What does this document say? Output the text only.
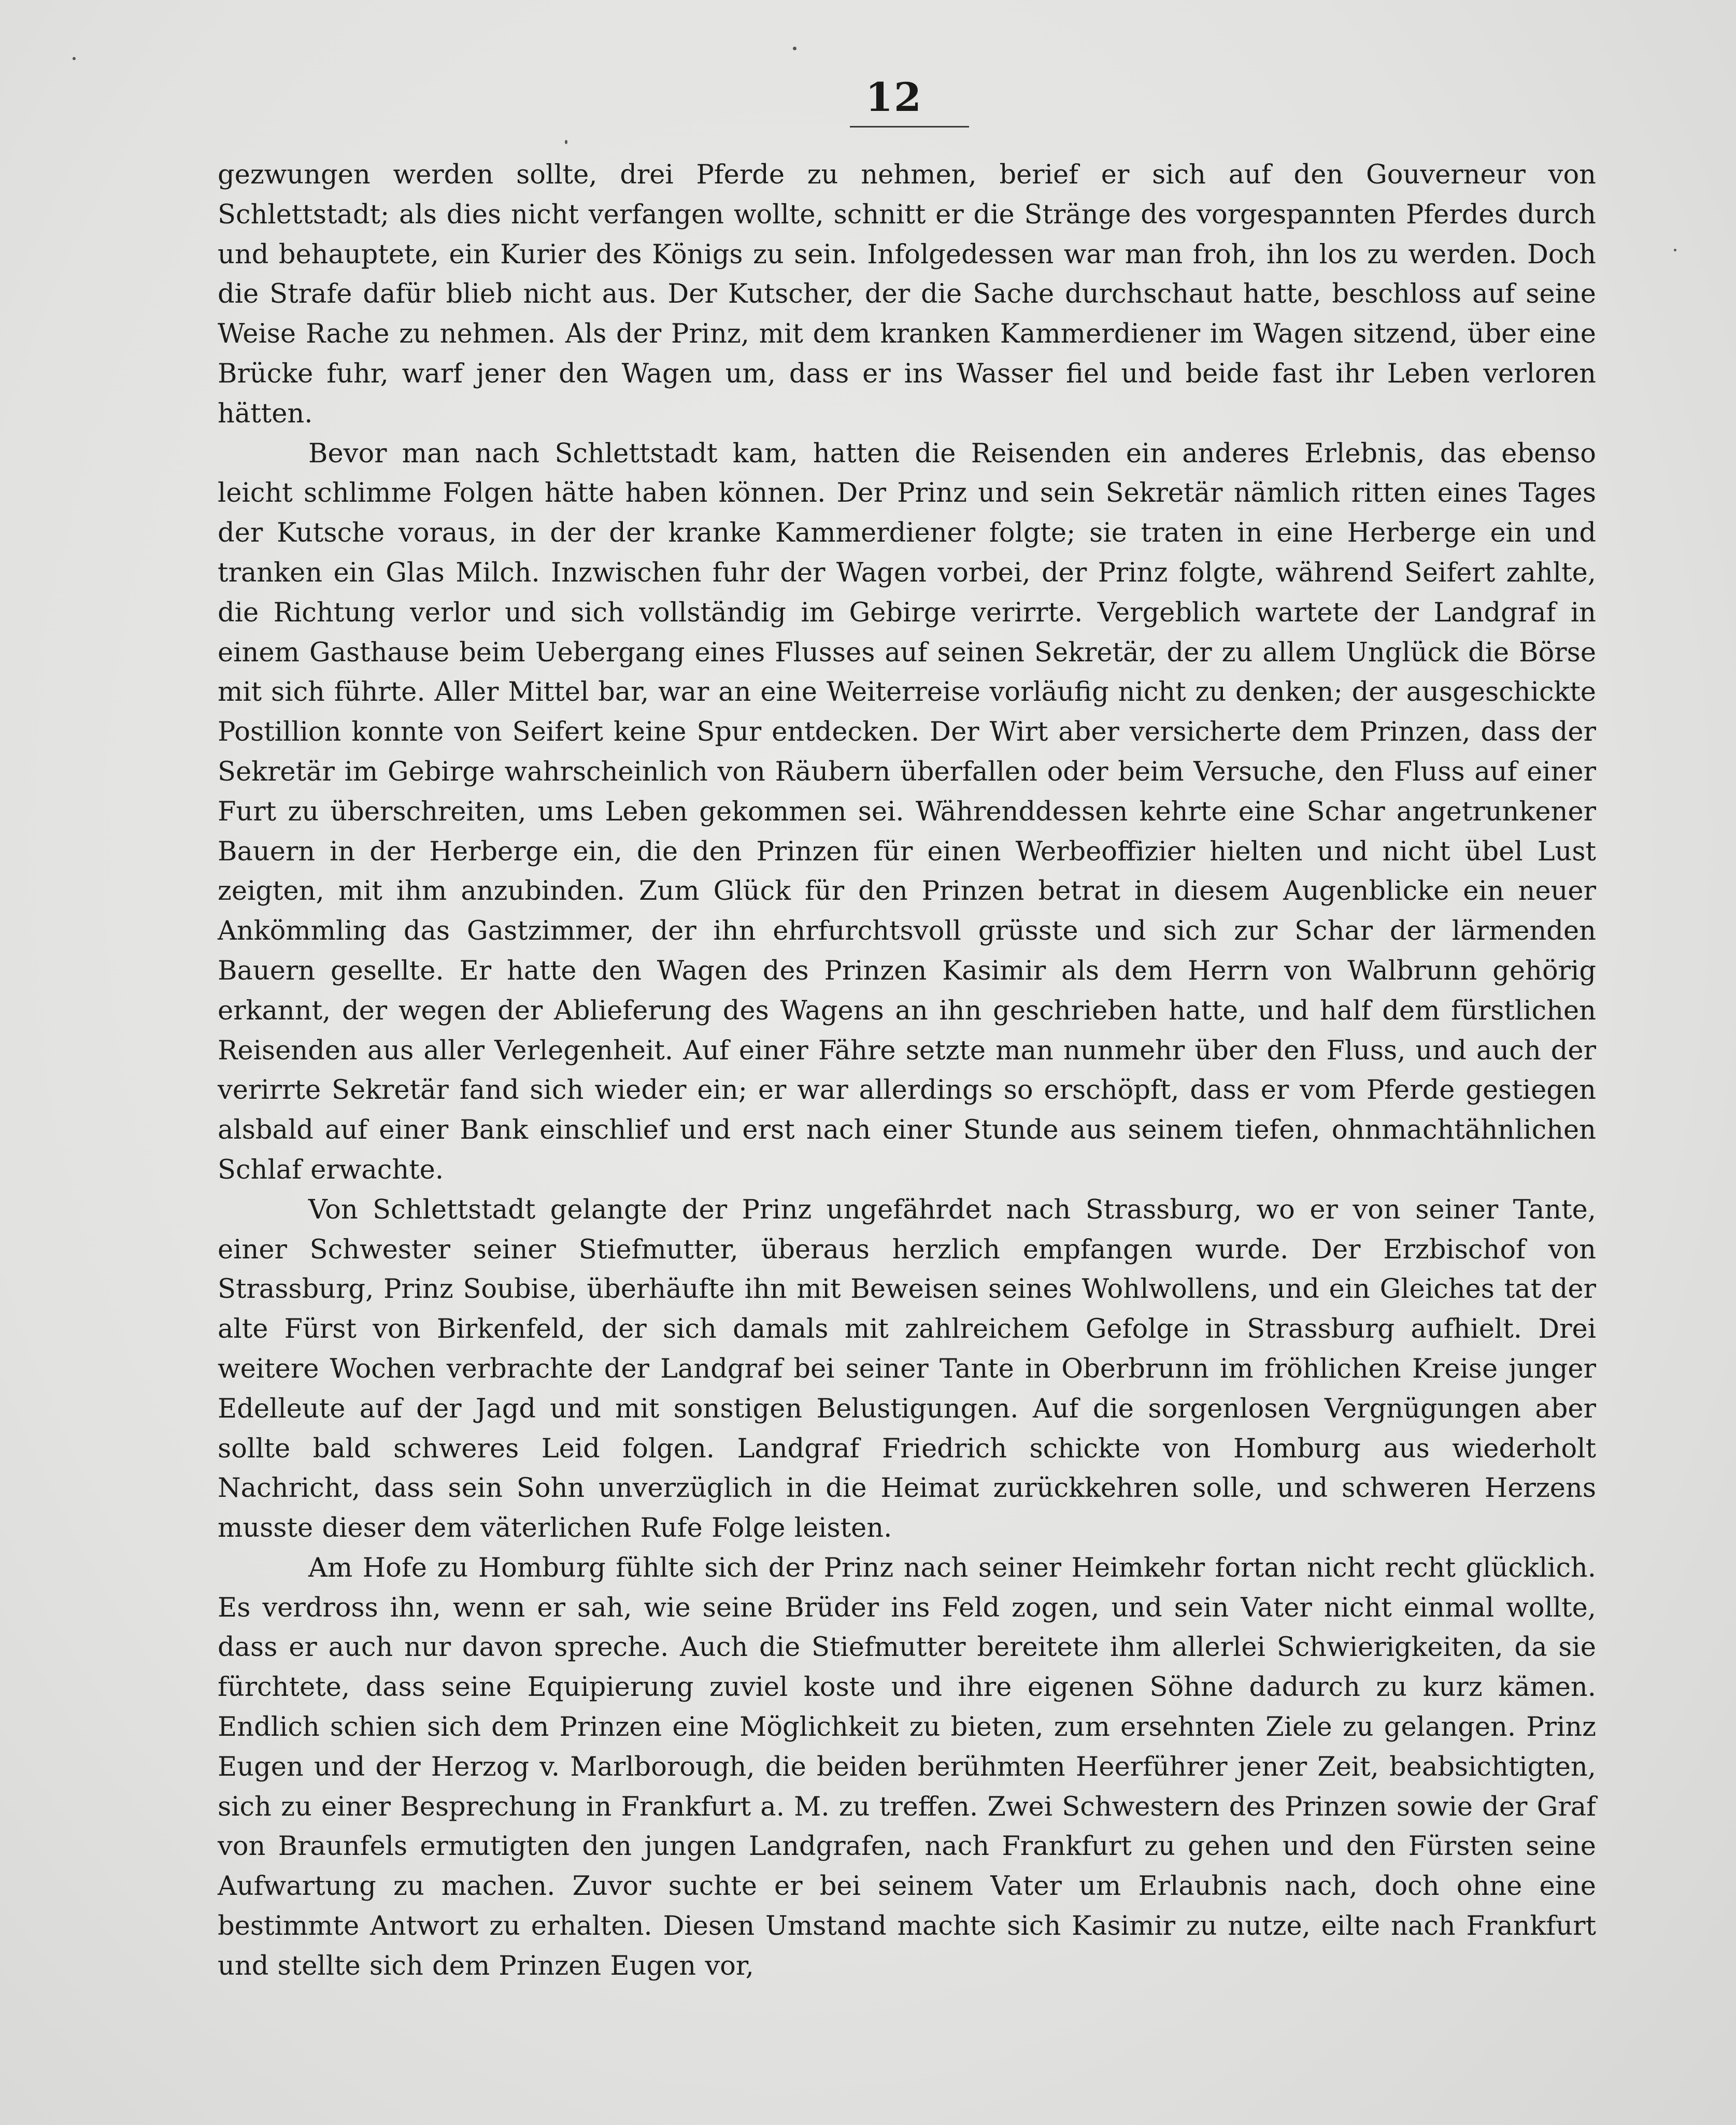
12

gezwungen werden sollte, drei Pferde zu nehmen, berief er sich auf den Gouverneur von Schlettstadt; als dies nicht verfangen wollte, schnitt er die Stränge des vorgespannten Pferdes durch und behauptete, ein Kurier des Königs zu sein. Infolgedessen war man froh, ihn los zu werden. Doch die Strafe dafür blieb nicht aus. Der Kutscher, der die Sache durchschaut hatte, beschloss auf seine Weise Rache zu nehmen. Als der Prinz, mit dem kranken Kammerdiener im Wagen sitzend, über eine Brücke fuhr, warf jener den Wagen um, dass er ins Wasser fiel und beide fast ihr Leben verloren hätten.

Bevor man nach Schlettstadt kam, hatten die Reisenden ein anderes Erlebnis, das ebenso leicht schlimme Folgen hätte haben können. Der Prinz und sein Sekretär nämlich ritten eines Tages der Kutsche voraus, in der der kranke Kammerdiener folgte; sie traten in eine Herberge ein und tranken ein Glas Milch. Inzwischen fuhr der Wagen vorbei, der Prinz folgte, während Seifert zahlte, die Richtung verlor und sich vollständig im Gebirge verirrte. Vergeblich wartete der Landgraf in einem Gasthause beim Uebergang eines Flusses auf seinen Sekretär, der zu allem Unglück die Börse mit sich führte. Aller Mittel bar, war an eine Weiterreise vorläufig nicht zu denken; der ausgeschickte Postillion konnte von Seifert keine Spur entdecken. Der Wirt aber versicherte dem Prinzen, dass der Sekretär im Gebirge wahrscheinlich von Räubern überfallen oder beim Versuche, den Fluss auf einer Furt zu überschreiten, ums Leben gekommen sei. Währenddessen kehrte eine Schar angetrunkener Bauern in der Herberge ein, die den Prinzen für einen Werbeoffizier hielten und nicht übel Lust zeigten, mit ihm anzubinden. Zum Glück für den Prinzen betrat in diesem Augenblicke ein neuer Ankömmling das Gastzimmer, der ihn ehrfurchtsvoll grüsste und sich zur Schar der lärmenden Bauern gesellte. Er hatte den Wagen des Prinzen Kasimir als dem Herrn von Walbrunn gehörig erkannt, der wegen der Ablieferung des Wagens an ihn geschrieben hatte, und half dem fürstlichen Reisenden aus aller Verlegenheit. Auf einer Fähre setzte man nunmehr über den Fluss, und auch der verirrte Sekretär fand sich wieder ein; er war allerdings so erschöpft, dass er vom Pferde gestiegen alsbald auf einer Bank einschlief und erst nach einer Stunde aus seinem tiefen, ohnmachtähnlichen Schlaf erwachte.

Von Schlettstadt gelangte der Prinz ungefährdet nach Strassburg, wo er von seiner Tante, einer Schwester seiner Stiefmutter, überaus herzlich empfangen wurde. Der Erzbischof von Strassburg, Prinz Soubise, überhäufte ihn mit Beweisen seines Wohlwollens, und ein Gleiches tat der alte Fürst von Birkenfeld, der sich damals mit zahlreichem Gefolge in Strassburg aufhielt. Drei weitere Wochen verbrachte der Landgraf bei seiner Tante in Oberbrunn im fröhlichen Kreise junger Edelleute auf der Jagd und mit sonstigen Belustigungen. Auf die sorgenlosen Vergnügungen aber sollte bald schweres Leid folgen. Landgraf Friedrich schickte von Homburg aus wiederholt Nachricht, dass sein Sohn unverzüglich in die Heimat zurückkehren solle, und schweren Herzens musste dieser dem väterlichen Rufe Folge leisten.

Am Hofe zu Homburg fühlte sich der Prinz nach seiner Heimkehr fortan nicht recht glücklich. Es verdross ihn, wenn er sah, wie seine Brüder ins Feld zogen, und sein Vater nicht einmal wollte, dass er auch nur davon spreche. Auch die Stiefmutter bereitete ihm allerlei Schwierigkeiten, da sie fürchtete, dass seine Equipierung zuviel koste und ihre eigenen Söhne dadurch zu kurz kämen. Endlich schien sich dem Prinzen eine Möglichkeit zu bieten, zum ersehnten Ziele zu gelangen. Prinz Eugen und der Herzog v. Marlborough, die beiden berühmten Heerführer jener Zeit, beabsichtigten, sich zu einer Besprechung in Frankfurt a. M. zu treffen. Zwei Schwestern des Prinzen sowie der Graf von Braunfels ermutigten den jungen Landgrafen, nach Frankfurt zu gehen und den Fürsten seine Aufwartung zu machen. Zuvor suchte er bei seinem Vater um Erlaubnis nach, doch ohne eine bestimmte Antwort zu erhalten. Diesen Umstand machte sich Kasimir zu nutze, eilte nach Frankfurt und stellte sich dem Prinzen Eugen vor,
